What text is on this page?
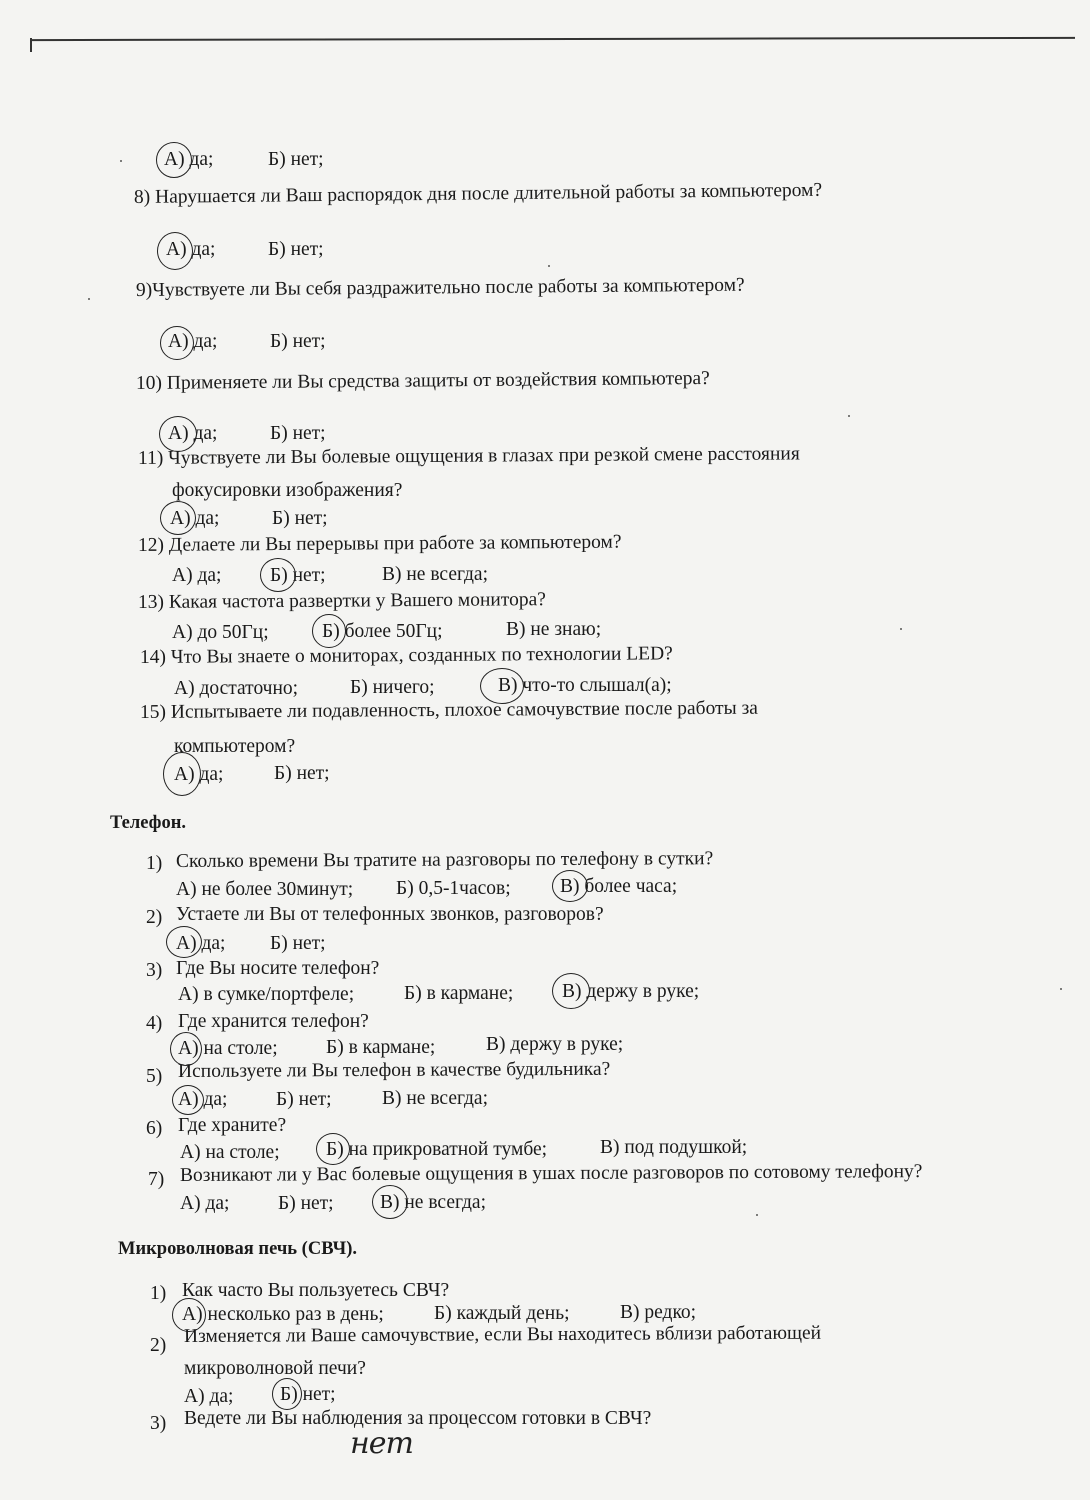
А) да;	Б) нет;
8) Нарушается ли Ваш распорядок дня после длительной работы за компьютером?
А) да;	Б) нет;
9)Чувствуете ли Вы себя раздражительно после работы за компьютером?
А) да;	Б) нет;
10) Применяете ли Вы средства защиты от воздействия компьютера?
А) да;	Б) нет;
11) Чувствуете ли Вы болевые ощущения в глазах при резкой смене расстояния
фокусировки изображения?
А) да;	Б) нет;
12) Делаете ли Вы перерывы при работе за компьютером?
А) да; Б) нет;	В) не всегда;
13) Какая частота развертки у Вашего монитора?
А) до 50Гц;	Б) более 50Гц;	В) не знаю;
14) Что Вы знаете о мониторах, созданных по технологии LED?
А) достаточно;	Б) ничего;	В) что-то слышал(а);
15) Испытываете ли подавленность, плохое самочувствие после работы за
компьютером?
А) да;	Б) нет;
Телефон.
1) Сколько времени Вы тратите на разговоры по телефону в сутки?
А) не более 30минут; Б) 0,5-1часов;	В) более часа;
2) Устаете ли Вы от телефонных звонков, разговоров?
А) да; Б) нет;
3) Где Вы носите телефон?
А) в сумке/портфеле;	Б) в кармане; В) держу в руке;
4) Где хранится телефон?
А) на столе; Б) в кармане;	В) держу в руке;
5) Используете ли Вы телефон в качестве будильника?
А) да; Б) нет;	В) не всегда;
6) Где храните?
А) на столе; Б) на прикроватной тумбе;	В) под подушкой;
7) Возникают ли у Вас болевые ощущения в ушах после разговоров по сотовому телефону?
А) да; Б) нет; В) не всегда;
Микроволновая печь (СВЧ).
1) Как часто Вы пользуетесь СВЧ?
А) несколько раз в день;	Б) каждый день;	В) редко;
2) Изменяется ли Ваше самочувствие, если Вы находитесь вблизи работающей
микроволновой печи?
А) да; Б) нет;
3) Ведете ли Вы наблюдения за процессом готовки в СВЧ?
нет
